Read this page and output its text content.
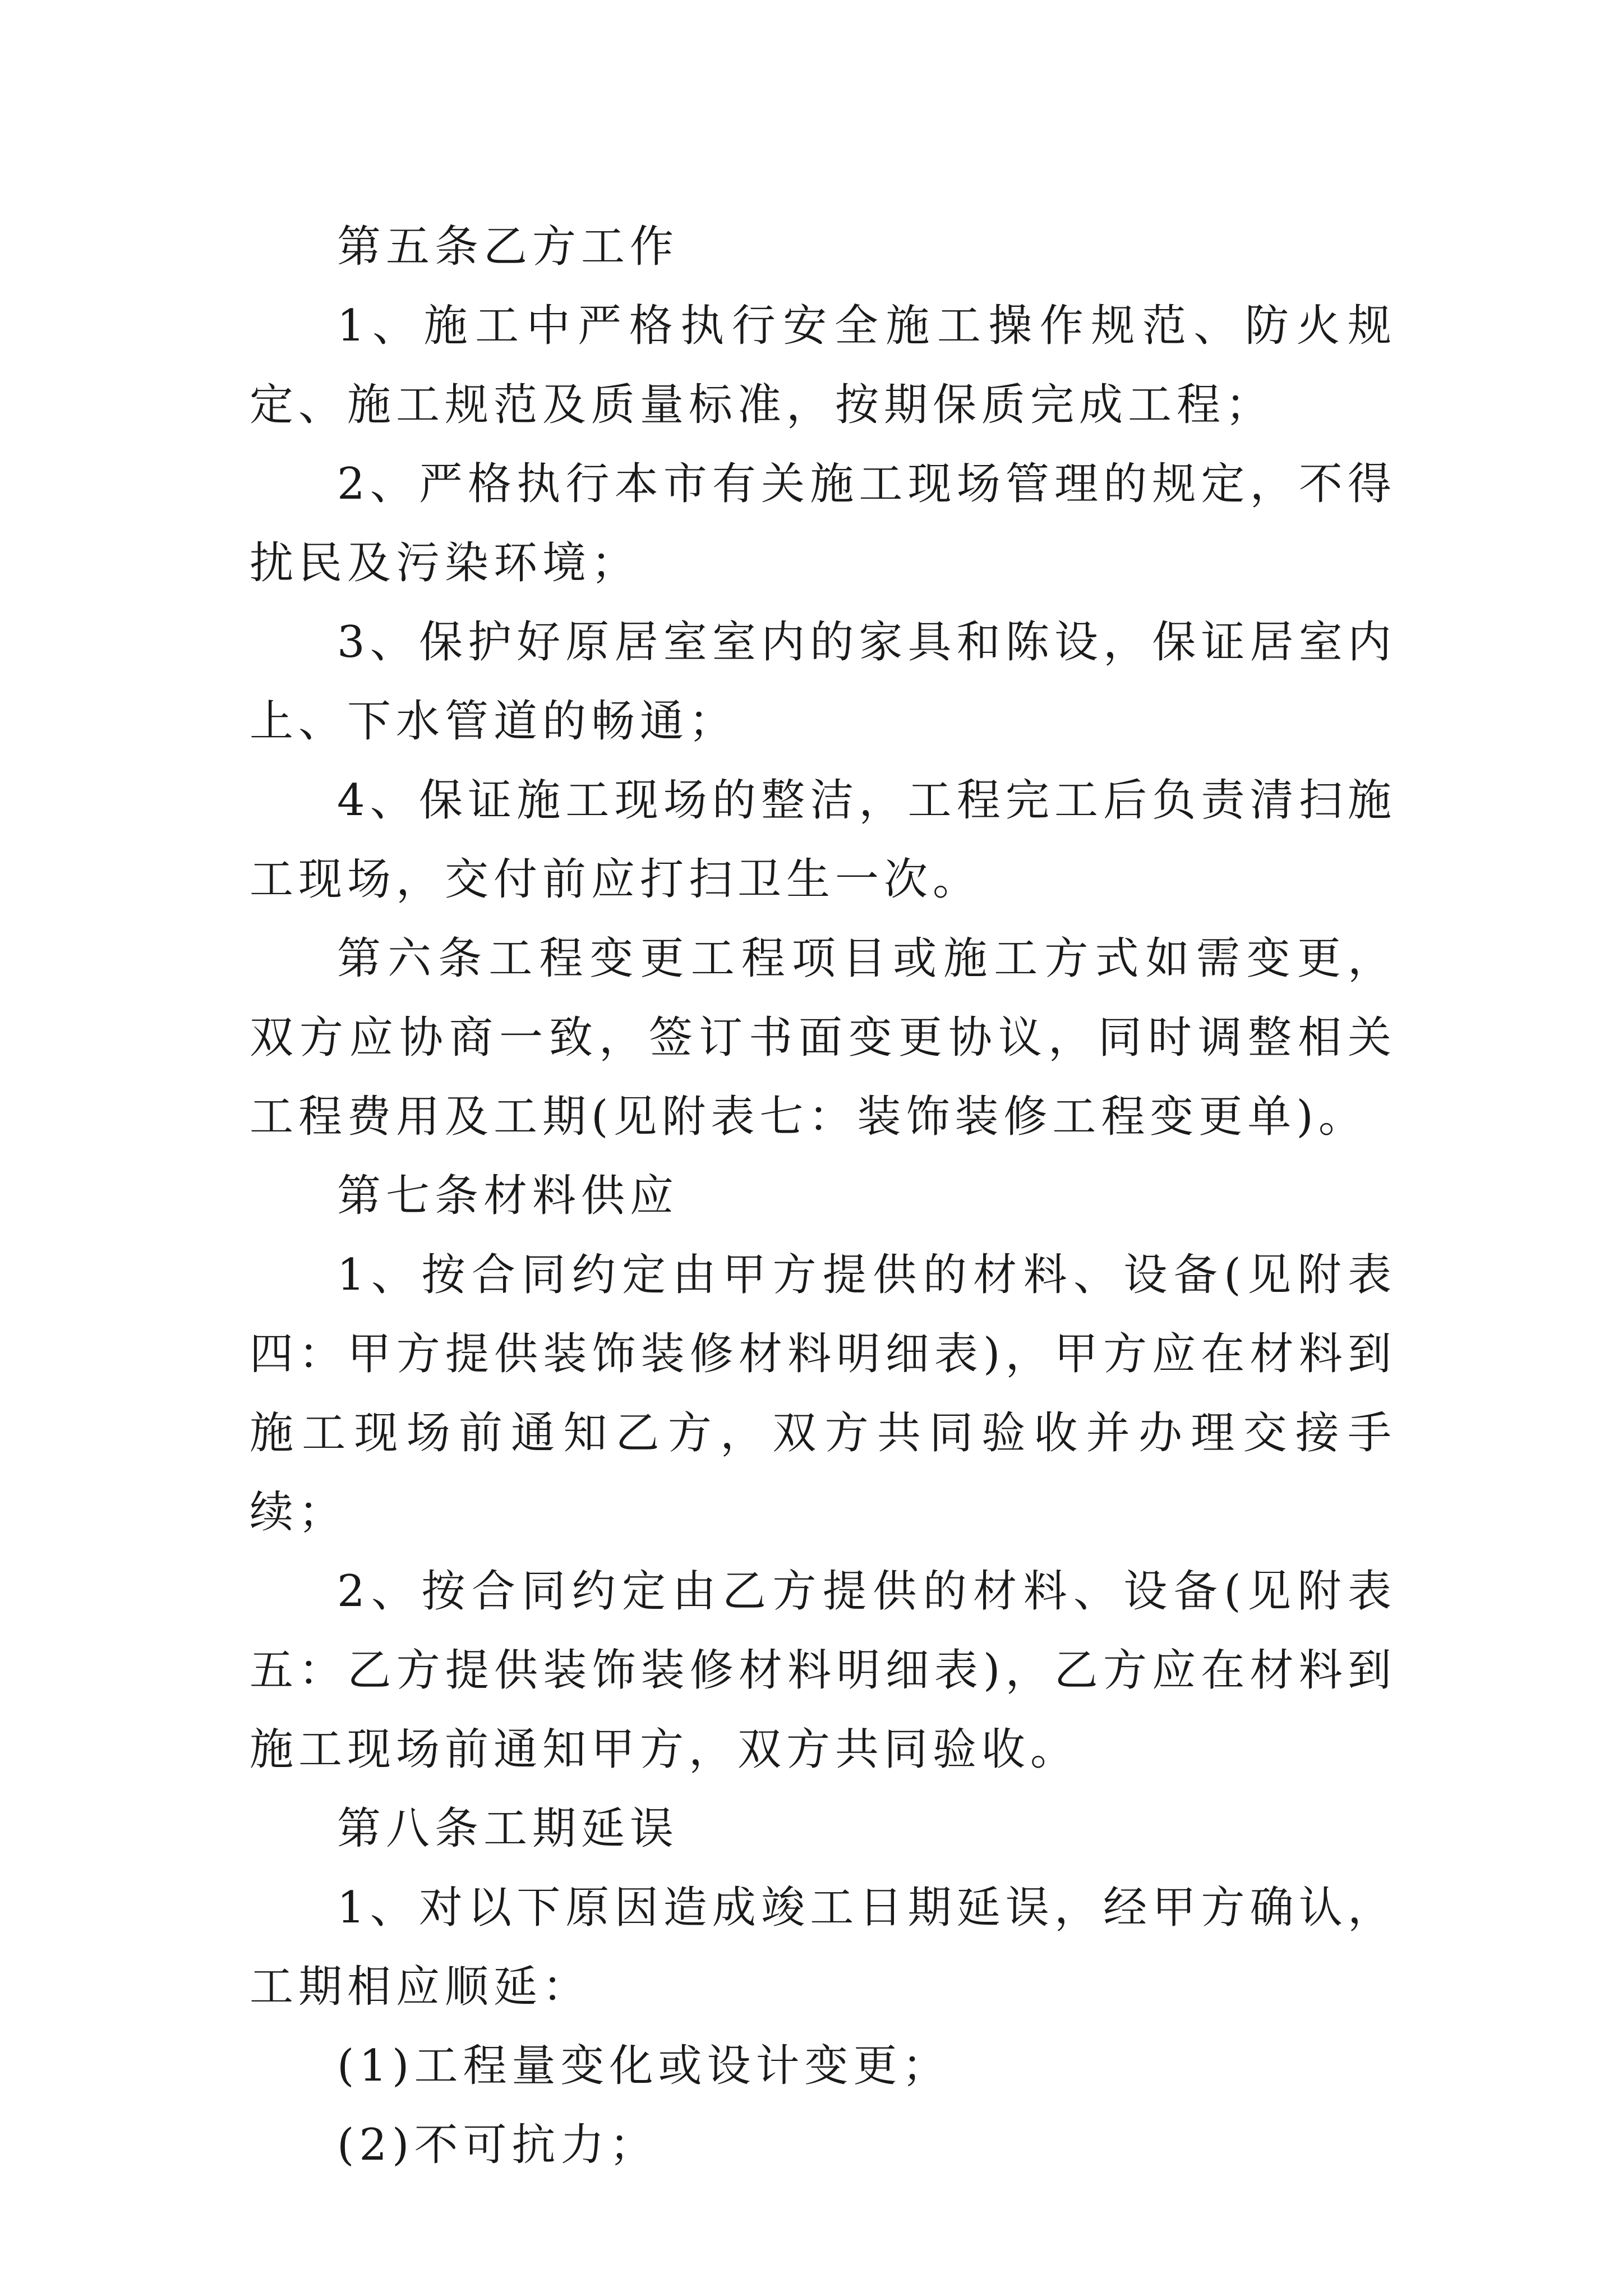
第五条乙方工作

1、施工中严格执行安全施工操作规范、防火规定、施工规范及质量标准，按期保质完成工程；

2、严格执行本市有关施工现场管理的规定，不得扰民及污染环境；

3、保护好原居室室内的家具和陈设，保证居室内上、下水管道的畅通；

4、保证施工现场的整洁，工程完工后负责清扫施工现场，交付前应打扫卫生一次。

第六条工程变更工程项目或施工方式如需变更，双方应协商一致，签订书面变更协议，同时调整相关工程费用及工期(见附表七：装饰装修工程变更单)。

第七条材料供应

1、按合同约定由甲方提供的材料、设备(见附表四：甲方提供装饰装修材料明细表)，甲方应在材料到施工现场前通知乙方，双方共同验收并办理交接手续；

2、按合同约定由乙方提供的材料、设备(见附表五：乙方提供装饰装修材料明细表)，乙方应在材料到施工现场前通知甲方，双方共同验收。

第八条工期延误

1、对以下原因造成竣工日期延误，经甲方确认，工期相应顺延：

(1)工程量变化或设计变更；

(2)不可抗力；
